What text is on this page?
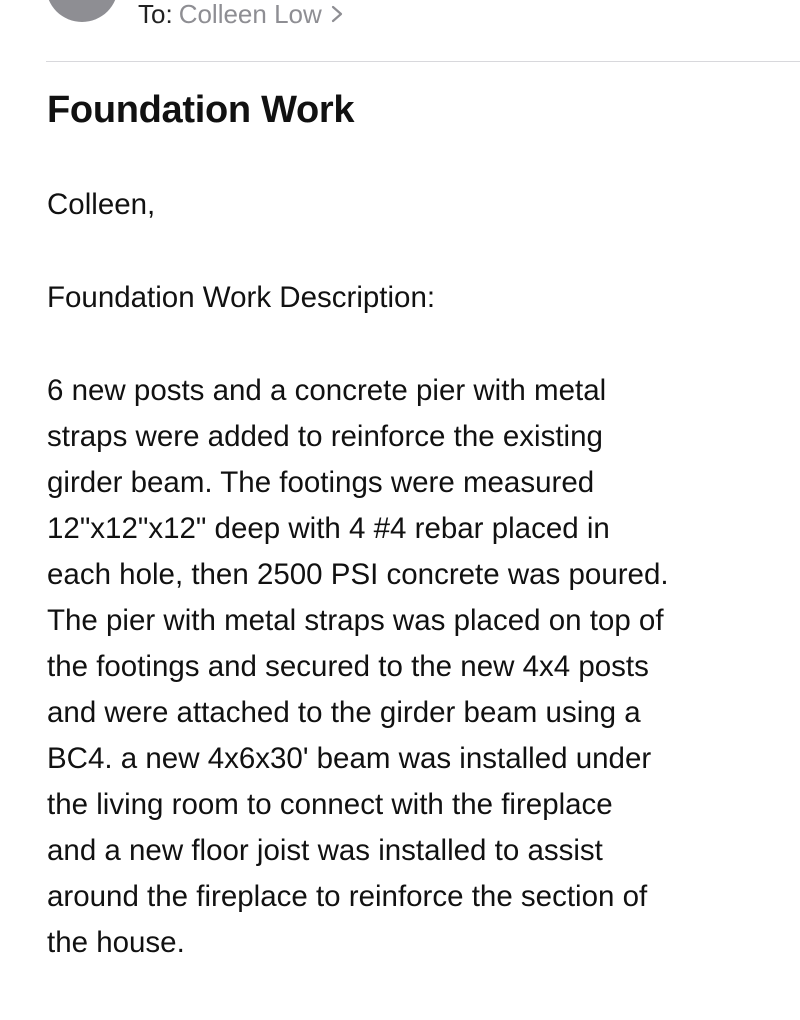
To: Colleen Low
Foundation Work

Colleen,

Foundation Work Description:

6 new posts and a concrete pier with metal
straps were added to reinforce the existing
girder beam. The footings were measured
12"x12"x12" deep with 4 #4 rebar placed in
each hole, then 2500 PSI concrete was poured.
The pier with metal straps was placed on top of
the footings and secured to the new 4x4 posts
and were attached to the girder beam using a
BC4. a new 4x6x30' beam was installed under
the living room to connect with the fireplace
and a new floor joist was installed to assist
around the fireplace to reinforce the section of
the house.
